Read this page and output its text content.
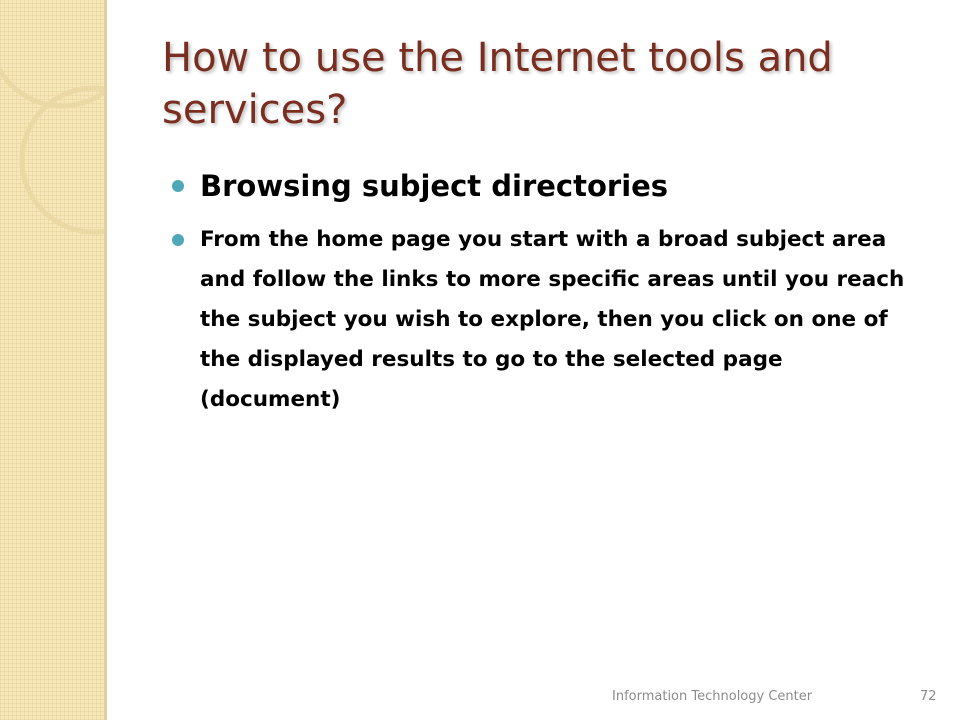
How to use the Internet tools and services?
Browsing subject directories
From the home page you start with a broad subject area and follow the links to more specific areas until you reach the subject you wish to explore, then you click on one of the displayed results to go to the selected page (document)
Information Technology Center	72
